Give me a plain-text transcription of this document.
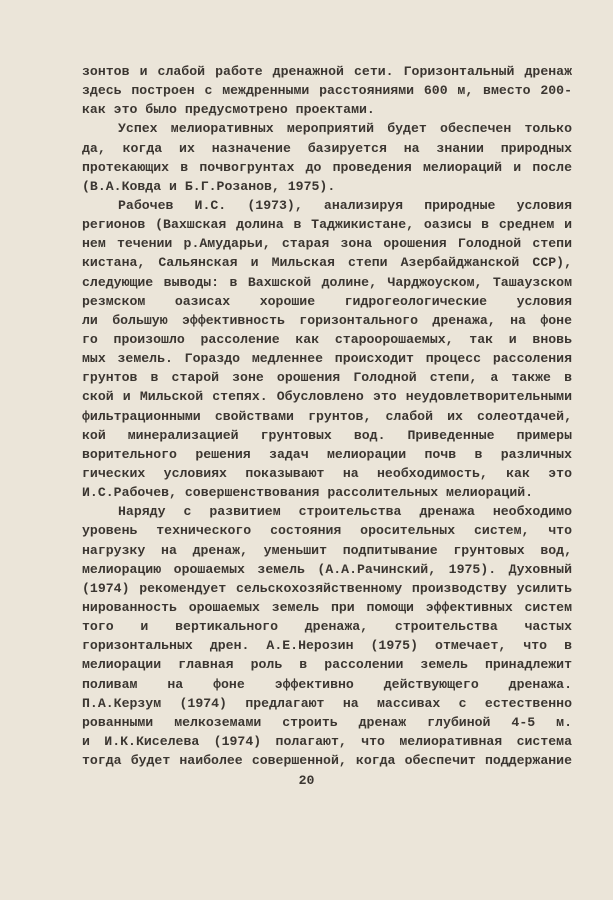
зонтов и слабой работе дренажной сети. Горизонтальный дренаж
здесь построен с междренными расстояниями 600 м, вместо 200-
как это было предусмотрено проектами.
Успех мелиоративных мероприятий будет обеспечен только
да, когда их назначение базируется на знании природных
протекающих в почвогрунтах до проведения мелиораций и после
(В.А.Ковда и Б.Г.Розанов, 1975).
Рабочев И.С. (1973), анализируя природные условия
регионов (Вахшская долина в Таджикистане, оазисы в среднем и
нем течении р.Амударьи, старая зона орошения Голодной степи
кистана, Сальянская и Мильская степи Азербайджанской ССР),
следующие выводы: в Вахшской долине, Чарджоуском, Ташаузском
резмском оазисах хорошие гидрогеологические условия
ли большую эффективность горизонтального дренажа, на фоне
го произошло рассоление как староорошаемых, так и вновь
мых земель. Гораздо медленнее происходит процесс рассоления
грунтов в старой зоне орошения Голодной степи, а также в
ской и Мильской степях. Обусловлено это неудовлетворительными
фильтрационными свойствами грунтов, слабой их солеотдачей,
кой минерализацией грунтовых вод. Приведенные примеры
ворительного решения задач мелиорации почв в различных
гических условиях показывают на необходимость, как это
И.С.Рабочев, совершенствования рассолительных мелиораций.
Наряду с развитием строительства дренажа необходимо
уровень технического состояния оросительных систем, что
нагрузку на дренаж, уменьшит подпитывание грунтовых вод,
мелиорацию орошаемых земель (А.А.Рачинский, 1975). Духовный
(1974) рекомендует сельскохозяйственному производству усилить
нированность орошаемых земель при помощи эффективных систем
того и вертикального дренажа, строительства частых
горизонтальных дрен. А.Е.Нерозин (1975) отмечает, что в
мелиорации главная роль в рассолении земель принадлежит
поливам на фоне эффективно действующего дренажа.
П.А.Керзум (1974) предлагают на массивах с естественно
рованными мелкоземами строить дренаж глубиной 4-5 м.
и И.К.Киселева (1974) полагают, что мелиоративная система
тогда будет наиболее совершенной, когда обеспечит поддержание
20
